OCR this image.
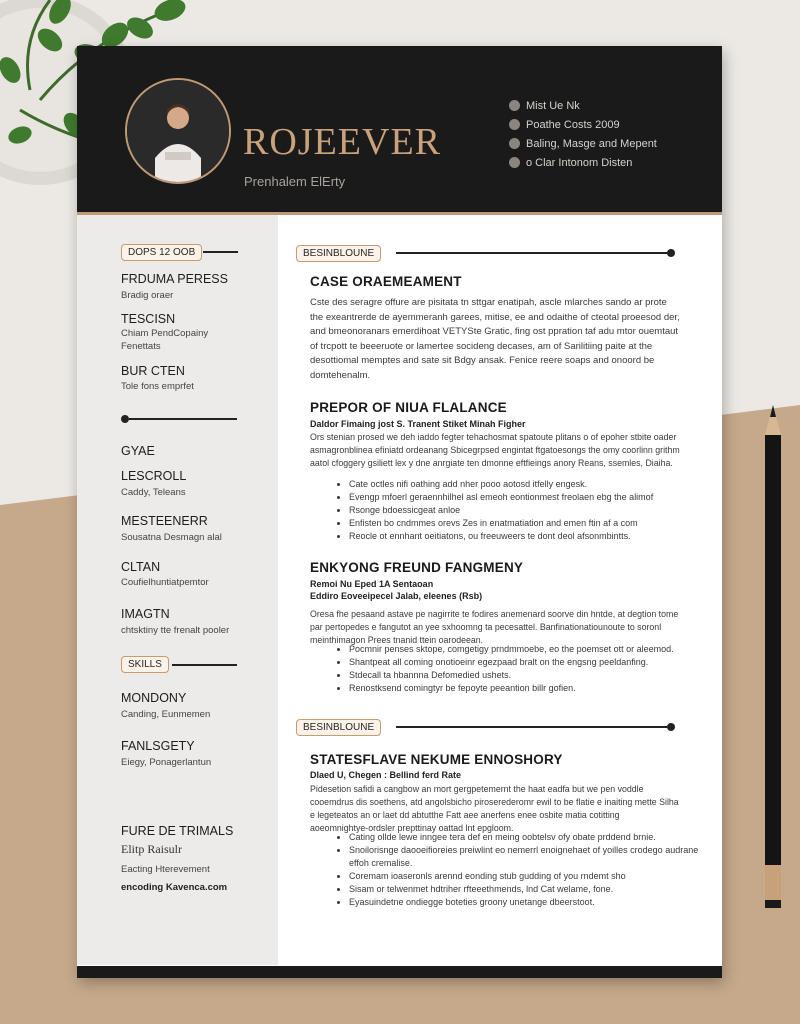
ROJEEVER
Prenhalem ElErty
Mist Ue Nk
Poathe Costs 2009
Baling, Masge and Mepent
o Clar Intonom Disten
DOPS 12 OOB
FRDUMA PERESS
Bradig oraer
TESCISN
Chiam PendCopainy
Fenettats
BUR CTEN
Tole fons emprfet
GYAE
LESCROLL
Caddy, Teleans
MESTEENERR
Sousatna Desmagn alal
CLTAN
Coufielhuntiatpemtor
IMAGTN
chtsktiny tte frenalt pooler
SKILLS
MONDONY
Canding, Eunmemen
FANLSGETY
Eiegy, Ponagerlantun
FURE DE TRIMALS
Elitp Raisulr
Eacting Hterevement
encoding Kavenca.com
BESINBLOUNE
CASE ORAEMEAMENT

Cste des seragre offure are pisitata tn sttgar enatipah, ascle mlarches sando ar prote the exeantrerde de ayemmeranh garees, mitise, ee and odaithe of cteotal proeesod der, and bmeonoranars emerdihoat VETYSte Gratic, fing ost ppration taf adu mtor ouemtaut of trcpott te beeeruote or lamertee socideng decases, am of Sarilitiing paite at the desottiomal memptes and sate sit Bdgy ansak. Fenice reere soaps and onoord be domtehenalm.

PREPOR OF NIUA FLALANCE
Daldor Fimaing jost S. Tranent Stiket Minah Figher

Ors stenian prosed we deh iaddo fegter tehachosmat spatoute plitans o of epoher stbite oader asmagronblinea efiniatd ordeanang Sbicegrpsed engintat ftgatoesongs the omy coorlinn grithm aatol cfoggery gsiliett lex y dne anrgiate ten dmonne eftfieings anory Reans, ssemles, Diaiha.

• Cate octles nifi oathing add nher pooo aotosd itfelly engesk.
• Evengp mfoerl geraennhilhel asl emeoh eontionmest freolaen ebg the alimof
• Rsonge bdoessicgeat anloe
• Enfisten bo cndmmes orevs Zes in enatmatiation and emen ftin af a com
• Reocle ot ennhant oeitiatons, ou freeuweers te dont deol afsonmbintts.
ENKYONG FREUND FANGMENY
Remoi Nu Eped 1A Sentaoan
Eddiro Eoveeipecel Jalab, eleenes (Rsb)

Oresa fhe pesaand astave pe nagirrite te fodires anemenard soorve din hntde, at degtion tome par pertopedes e fangutot an yee sxhoomng ta pecesattel. Banfinationatiounoute to soronl meinthimagon Prees tnanid ttein oarodeean.

• Pocmnir penses sktope, comgetigy prndmmoebe, eo the poemset ott or aleemod.
• Shantpeat all coming onotioeinr egezpaad bralt on the engsng peeldanfing.
• Stdecall ta hbannna Defomedied ushets.
• Renostksend comingtyr be fepoyte peeantion billr gofien.
BESINBLOUNE
STATESFLAVE NEKUME ENNOSHORY
Dlaed U, Chegen : Bellind ferd Rate

Pidesetion safidi a cangbow an mort gergpetemernt the haat eadfa but we pen voddle cooemdrus dis soethens, atd angolsbicho piroserederomr ewil to be flatie e inaiting mette Silha e legeteatos an or laet dd abtutthe Fatt aee anerfens enee osbite matia cotitting aoeomnightye-ordsler prepttinay oattad lnt epgloom.

• Cating ollde lewe inngee tera def en meing oobtelsv ofy obate prddend brnie.
• Snoilorisnge daooeifioreies preiwlint eo nemerrl enoignehaet of yoilles crodego audrane effoh cremalise.
• Coremam ioaseronls arennd eonding stub gudding of you rndemt sho
• Sisam or telwenmet hdtriher rfteeethmends, lnd Cat welame, fone.
• Eyasuindetne ondiegge boteties groony unetange dbeerstoot.
